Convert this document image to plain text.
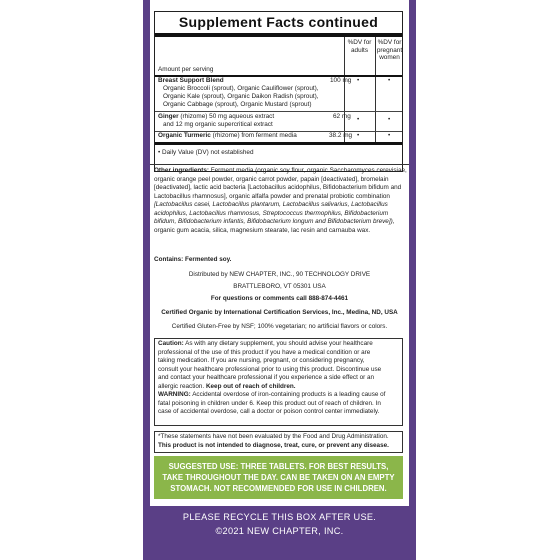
Supplement Facts continued
%DV for
adults
%DV for
pregnant
women
Amount per serving
Breast Support Blend	100 mg •	•
Organic Broccoli (sprout), Organic Cauliflower (sprout),
Organic Kale (sprout), Organic Daikon Radish (sprout),
Organic Cabbage (sprout), Organic Mustard (sprout)
Ginger (rhizome) 50 mg aqueous extract	62 mg •	•
and 12 mg organic supercritical extract
Organic Turmeric (rhizome) from ferment media	38.2 mg •	•
• Daily Value (DV) not established
Other ingredients: Ferment media (organic soy flour, organic Saccharomyces cerevisiae,
organic orange peel powder, organic carrot powder, papain [deactivated], bromelain
[deactivated], lactic acid bacteria [Lactobacillus acidophilus, Bifidobacterium bifidum and
Lactobacillus rhamnosus], organic alfalfa powder and prenatal probiotic combination
[Lactobacillus casei, Lactobacillus plantarum, Lactobacillus salivarius, Lactobacillus
acidophilus, Lactobacillus rhamnosus, Streptococcus thermophilus, Bifidobacterium
bifidum, Bifidobacterium infantis, Bifidobacterium longum and Bifidobacterium breve]),
organic gum acacia, silica, magnesium stearate, lac resin and carnauba wax.
Contains: Fermented soy.
Distributed by NEW CHAPTER, INC., 90 TECHNOLOGY DRIVE
BRATTLEBORO, VT 05301 USA
For questions or comments call 888-874-4461
Certified Organic by International Certification Services, Inc., Medina, ND, USA
Certified Gluten-Free by NSF; 100% vegetarian; no artificial flavors or colors.
Caution: As with any dietary supplement, you should advise your healthcare
professional of the use of this product if you have a medical condition or are
taking medication. If you are nursing, pregnant, or considering pregnancy,
consult your healthcare professional prior to using this product. Discontinue use
and contact your healthcare professional if you experience a side effect or an
allergic reaction. Keep out of reach of children.
WARNING: Accidental overdose of iron-containing products is a leading cause of
fatal poisoning in children under 6. Keep this product out of reach of children. In
case of accidental overdose, call a doctor or poison control center immediately.
*These statements have not been evaluated by the Food and Drug Administration.
This product is not intended to diagnose, treat, cure, or prevent any disease.
SUGGESTED USE: THREE TABLETS. FOR BEST RESULTS,
TAKE THROUGHOUT THE DAY. CAN BE TAKEN ON AN EMPTY
STOMACH. NOT RECOMMENDED FOR USE IN CHILDREN.
PLEASE RECYCLE THIS BOX AFTER USE.
©2021 NEW CHAPTER, INC.
